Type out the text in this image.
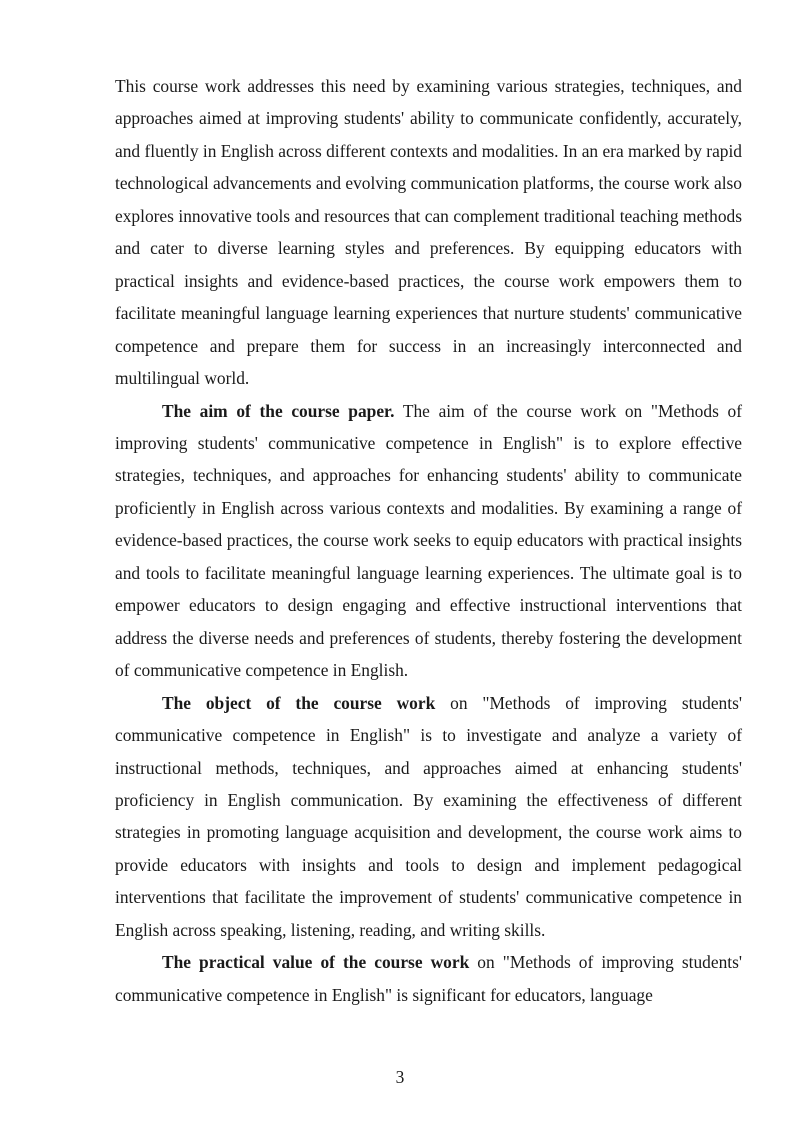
This course work addresses this need by examining various strategies, techniques, and approaches aimed at improving students' ability to communicate confidently, accurately, and fluently in English across different contexts and modalities. In an era marked by rapid technological advancements and evolving communication platforms, the course work also explores innovative tools and resources that can complement traditional teaching methods and cater to diverse learning styles and preferences. By equipping educators with practical insights and evidence-based practices, the course work empowers them to facilitate meaningful language learning experiences that nurture students' communicative competence and prepare them for success in an increasingly interconnected and multilingual world.

The aim of the course paper. The aim of the course work on "Methods of improving students' communicative competence in English" is to explore effective strategies, techniques, and approaches for enhancing students' ability to communicate proficiently in English across various contexts and modalities. By examining a range of evidence-based practices, the course work seeks to equip educators with practical insights and tools to facilitate meaningful language learning experiences. The ultimate goal is to empower educators to design engaging and effective instructional interventions that address the diverse needs and preferences of students, thereby fostering the development of communicative competence in English.

The object of the course work on "Methods of improving students' communicative competence in English" is to investigate and analyze a variety of instructional methods, techniques, and approaches aimed at enhancing students' proficiency in English communication. By examining the effectiveness of different strategies in promoting language acquisition and development, the course work aims to provide educators with insights and tools to design and implement pedagogical interventions that facilitate the improvement of students' communicative competence in English across speaking, listening, reading, and writing skills.

The practical value of the course work on "Methods of improving students' communicative competence in English" is significant for educators, language

3
